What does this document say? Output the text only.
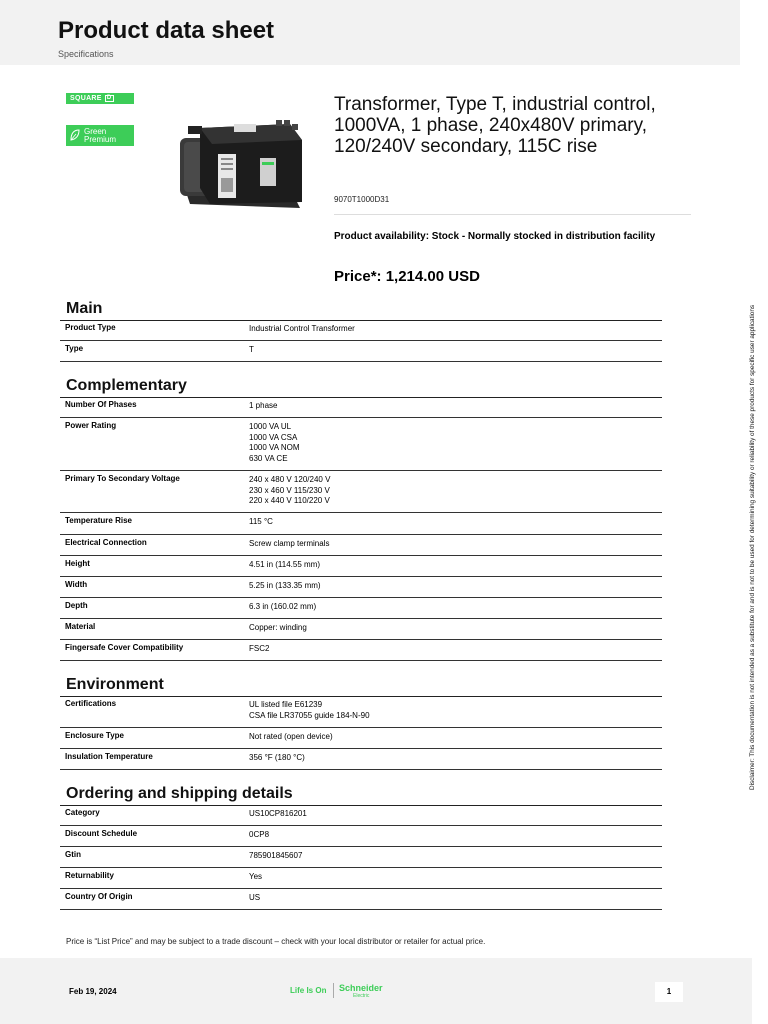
Product data sheet
Specifications
SQUARE D
Green
Premium
Transformer, Type T, industrial control, 1000VA, 1 phase, 240x480V primary, 120/240V secondary, 115C rise
9070T1000D31
Product availability: Stock - Normally stocked in distribution facility
Price*: 1,214.00 USD
Main
Product Type	Industrial Control Transformer
Type	T
Complementary
Number Of Phases	1 phase
Power Rating	1000 VA UL
1000 VA CSA
1000 VA NOM
630 VA CE
Primary To Secondary Voltage	240 x 480 V 120/240 V
230 x 460 V 115/230 V
220 x 440 V 110/220 V
Temperature Rise	115 °C
Electrical Connection	Screw clamp terminals
Height	4.51 in (114.55 mm)
Width	5.25 in (133.35 mm)
Depth	6.3 in (160.02 mm)
Material	Copper: winding
Fingersafe Cover Compatibility	FSC2
Environment
Certifications	UL listed file E61239
CSA file LR37055 guide 184-N-90
Enclosure Type	Not rated (open device)
Insulation Temperature	356 °F (180 °C)
Ordering and shipping details
Category	US10CP816201
Discount Schedule	0CP8
Gtin	785901845607
Returnability	Yes
Country Of Origin	US
Price is “List Price” and may be subject to a trade discount – check with your local distributor or retailer for actual price.
Disclaimer: This documentation is not intended as a substitute for and is not to be used for determining suitability or reliability of these products for specific user applications
Feb 19, 2024	Life Is On Schneider
Electric	1
